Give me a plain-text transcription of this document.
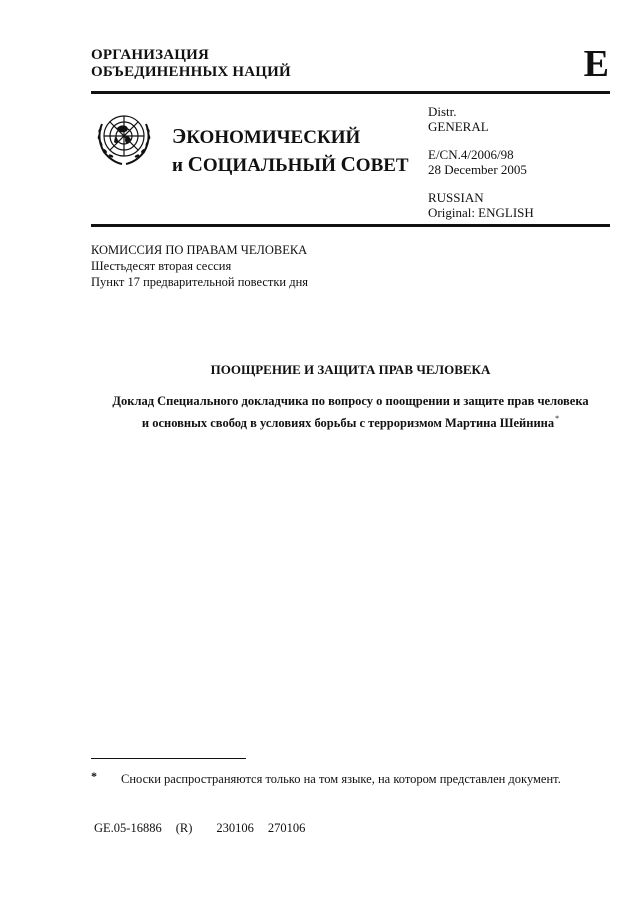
ОРГАНИЗАЦИЯ
ОБЪЕДИНЕННЫХ НАЦИЙ	E
ЭКОНОМИЧЕСКИЙ
и СОЦИАЛЬНЫЙ СОВЕТ
Distr.
GENERAL
E/CN.4/2006/98
28 December 2005
RUSSIAN
Original: ENGLISH
КОМИССИЯ ПО ПРАВАМ ЧЕЛОВЕКА
Шестьдесят вторая сессия
Пункт 17 предварительной повестки дня
ПООЩРЕНИЕ И ЗАЩИТА ПРАВ ЧЕЛОВЕКА
Доклад Специального докладчика по вопросу о поощрении и защите прав человека
и основных свобод в условиях борьбы с терроризмом Мартина Шейнина*
* Сноски распространяются только на том языке, на котором представлен документ.
GE.05-16886 (R) 230106 270106
